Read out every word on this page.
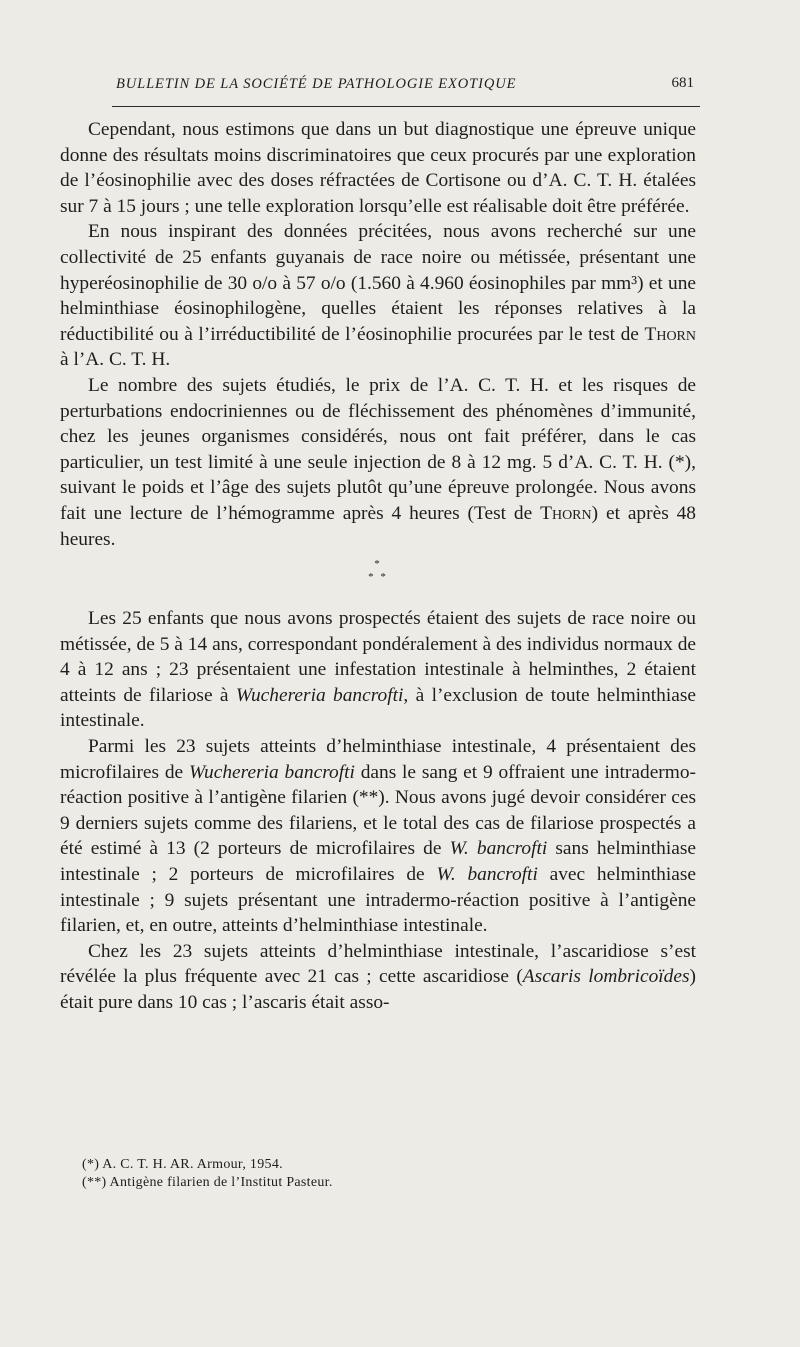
BULLETIN DE LA SOCIÉTÉ DE PATHOLOGIE EXOTIQUE	681

Cependant, nous estimons que dans un but diagnostique une épreuve unique donne des résultats moins discriminatoires que ceux procurés par une exploration de l’éosinophilie avec des doses réfractées de Cortisone ou d’A. C. T. H. étalées sur 7 à 15 jours ; une telle exploration lorsqu’elle est réalisable doit être préférée.

En nous inspirant des données précitées, nous avons recherché sur une collectivité de 25 enfants guyanais de race noire ou métissée, présentant une hyperéosinophilie de 30 o/o à 57 o/o (1.560 à 4.960 éosinophiles par mm³) et une helminthiase éosinophilogène, quelles étaient les réponses relatives à la réductibilité ou à l’irréductibilité de l’éosinophilie procurées par le test de Thorn à l’A. C. T. H.

Le nombre des sujets étudiés, le prix de l’A. C. T. H. et les risques de perturbations endocriniennes ou de fléchissement des phénomènes d’immunité, chez les jeunes organismes considérés, nous ont fait préférer, dans le cas particulier, un test limité à une seule injection de 8 à 12 mg. 5 d’A. C. T. H. (*), suivant le poids et l’âge des sujets plutôt qu’une épreuve prolongée. Nous avons fait une lecture de l’hémogramme après 4 heures (Test de Thorn) et après 48 heures.

*
* *

Les 25 enfants que nous avons prospectés étaient des sujets de race noire ou métissée, de 5 à 14 ans, correspondant pondéralement à des individus normaux de 4 à 12 ans ; 23 présentaient une infestation intestinale à helminthes, 2 étaient atteints de filariose à Wuchereria bancrofti, à l’exclusion de toute helminthiase intestinale.

Parmi les 23 sujets atteints d’helminthiase intestinale, 4 présentaient des microfilaires de Wuchereria bancrofti dans le sang et 9 offraient une intradermo-réaction positive à l’antigène filarien (**). Nous avons jugé devoir considérer ces 9 derniers sujets comme des filariens, et le total des cas de filariose prospectés a été estimé à 13 (2 porteurs de microfilaires de W. bancrofti sans helminthiase intestinale ; 2 porteurs de microfilaires de W. bancrofti avec helminthiase intestinale ; 9 sujets présentant une intradermo-réaction positive à l’antigène filarien, et, en outre, atteints d’helminthiase intestinale.

Chez les 23 sujets atteints d’helminthiase intestinale, l’ascaridiose s’est révélée la plus fréquente avec 21 cas ; cette ascaridiose (Ascaris lombricoïdes) était pure dans 10 cas ; l’ascaris était asso-

(*) A. C. T. H. AR. Armour, 1954.

(**) Antigène filarien de l’Institut Pasteur.
